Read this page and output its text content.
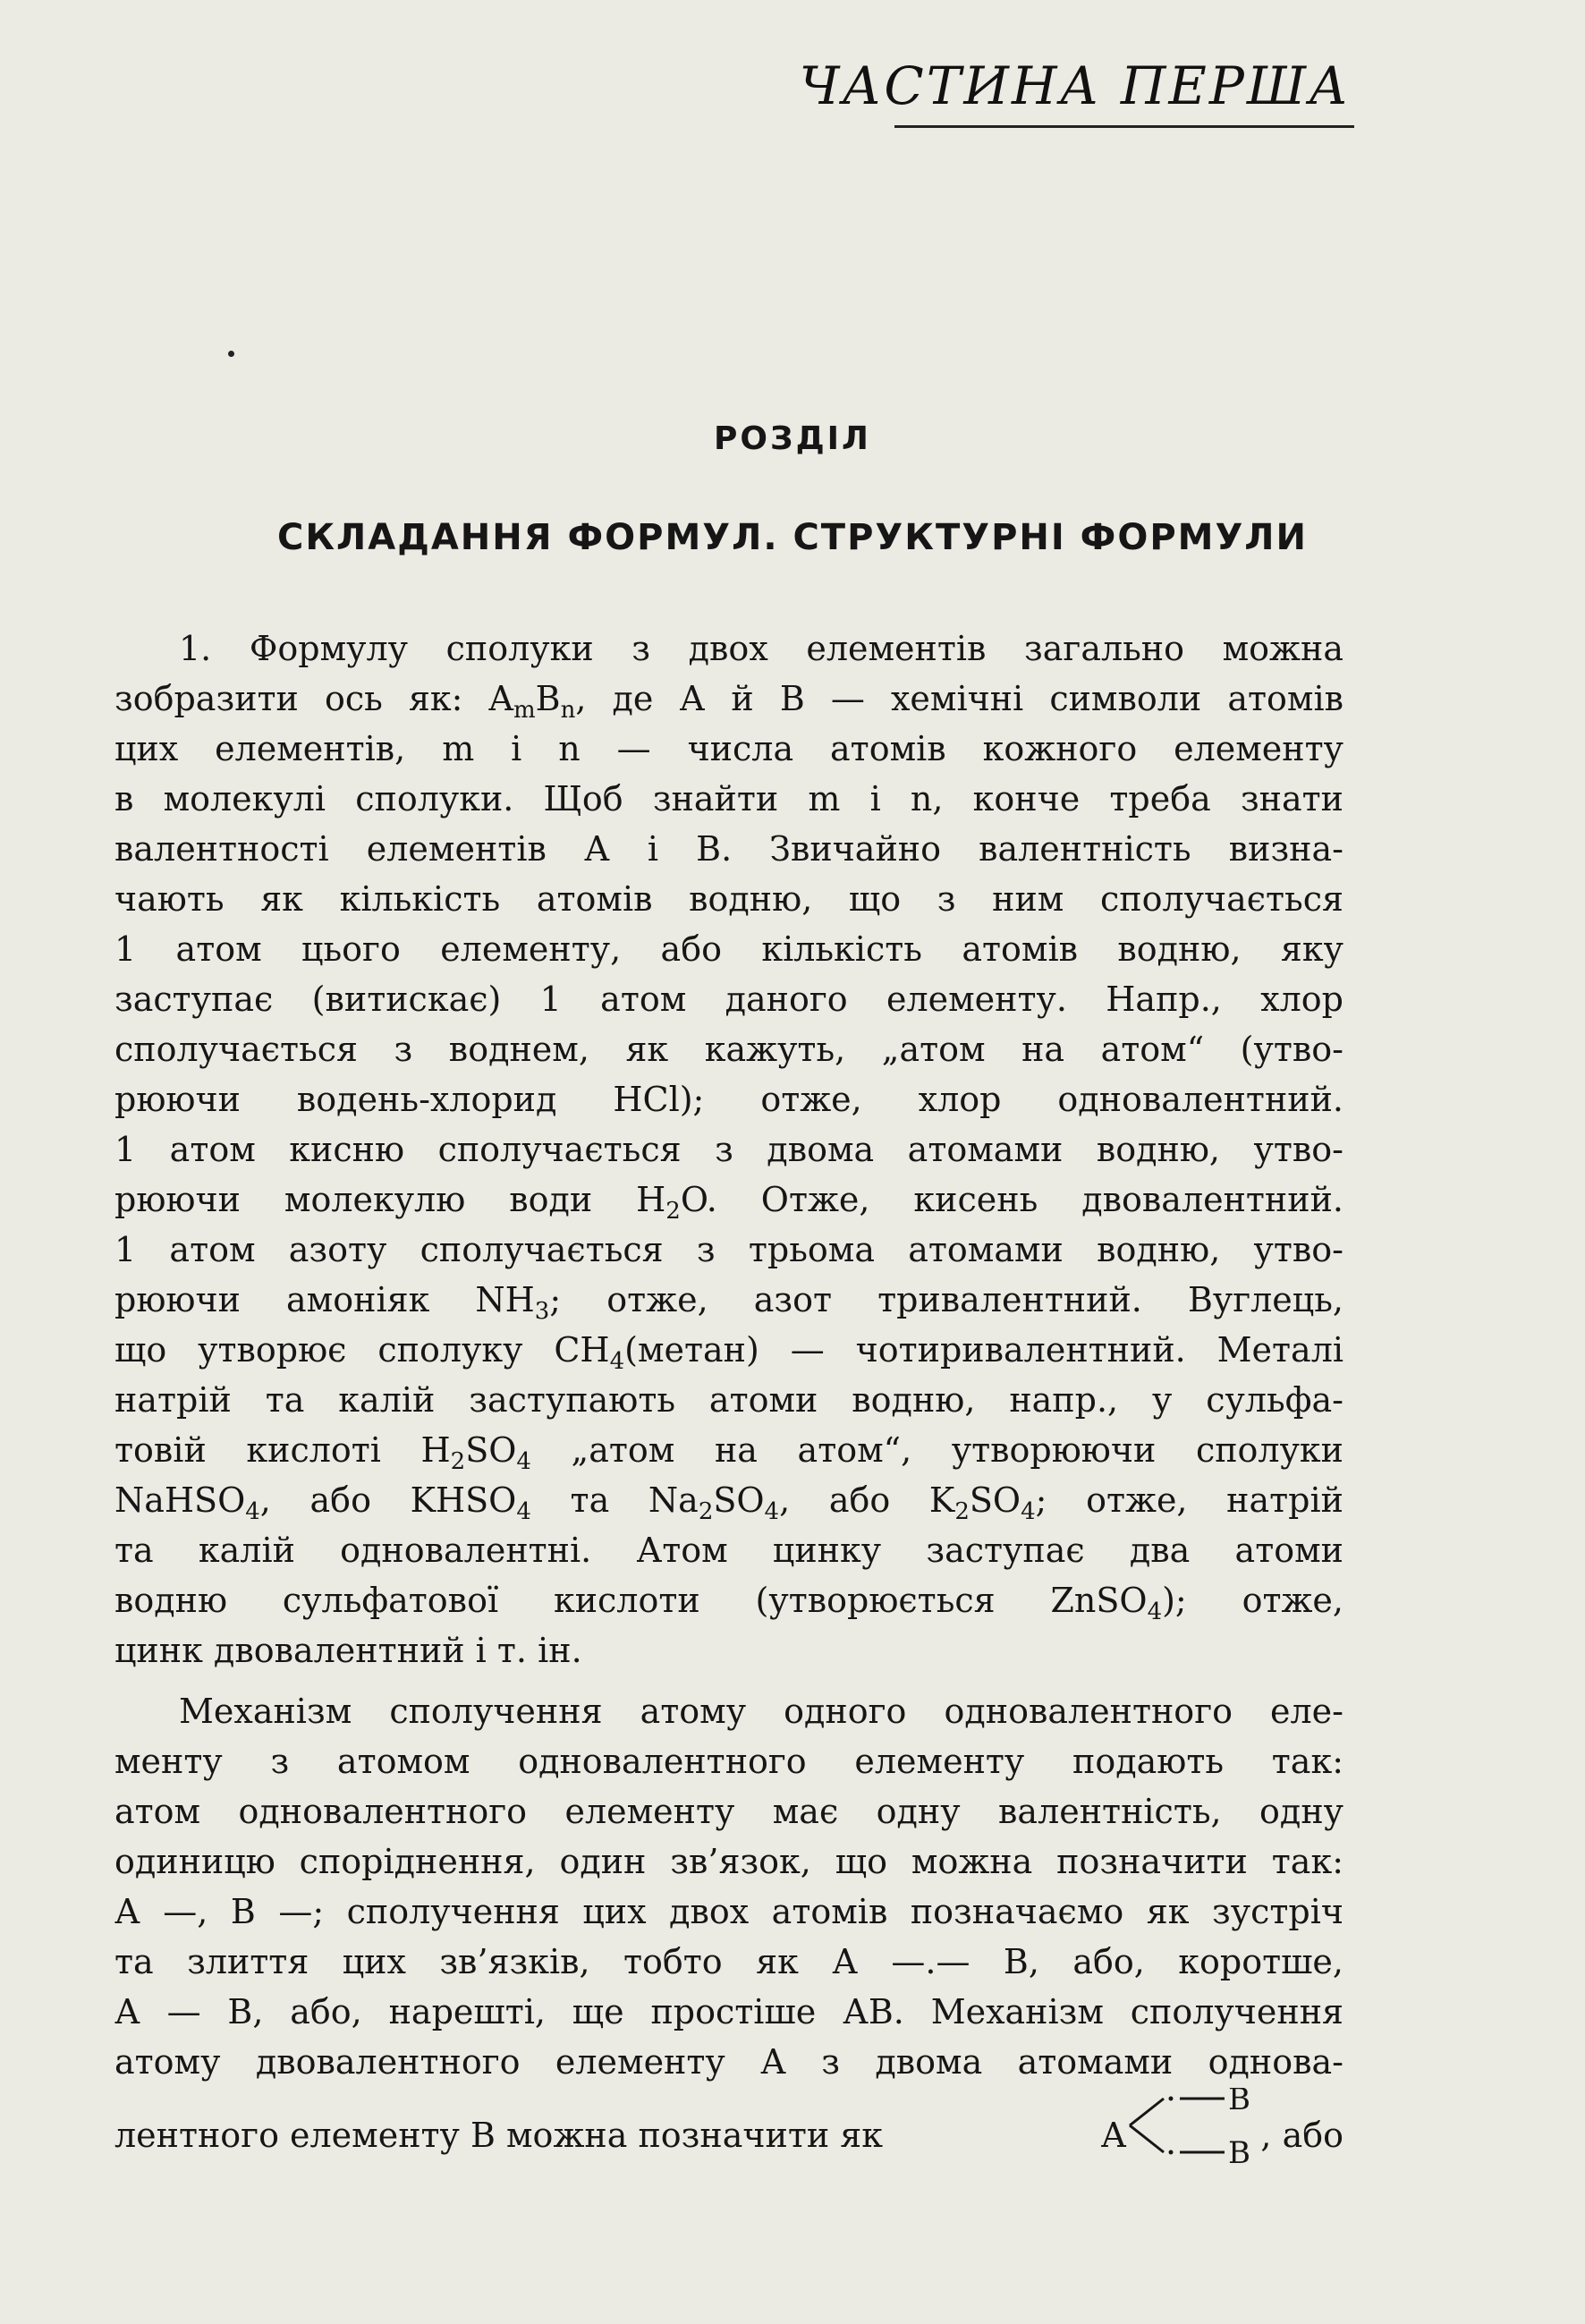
ЧАСТИНА ПЕРША
РОЗДІЛ
СКЛАДАННЯ ФОРМУЛ. СТРУКТУРНІ ФОРМУЛИ
1. Формулу сполуки з двох елементів загально можна
зобразити ось як: $A_mB_n$, де А й В — хемічні символи атомів
цих елементів, m і n — числа атомів кожного елементу
в молекулі сполуки. Щоб знайти m і n, конче треба знати
валентності елементів А і В. Звичайно валентність визна-
чають як кількість атомів водню, що з ним сполучається
1 атом цього елементу, або кількість атомів водню, яку
заступає (витискає) 1 атом даного елементу. Напр., хлор
сполучається з воднем, як кажуть, „атом на атом“ (утво-
рюючи водень-хлорид HCl); отже, хлор одновалентний.
1 атом кисню сполучається з двома атомами водню, утво-
рюючи молекулю води $H_2O$. Отже, кисень двовалентний.
1 атом азоту сполучається з трьома атомами водню, утво-
рюючи амоніяк $NH_3$; отже, азот тривалентний. Вуглець,
що утворює сполуку $CH_4(метан)$ — чотиривалентний. Металі
натрій та калій заступають атоми водню, напр., у сульфа-
товій кислоті $H_2SO_4$ „атом на атом“, утворюючи сполуки
NaHSO$_4$, або $KHSO_4$ та $Na_2SO_4$, або $K_2SO_4$; отже, натрій
та калій одновалентні. Атом цинку заступає два атоми
водню сульфатової кислоти (утворюється ZnSO$_4$); отже,
цинк двовалентний і т. ін.
Механізм сполучення атому одного одновалентного еле-
менту з атомом одновалентного елементу подають так:
атом одновалентного елементу має одну валентність, одну
одиницю споріднення, один зв’язок, що можна позначити так:
А —, В —; сполучення цих двох атомів позначаємо як зустріч
та злиття цих зв’язків, тобто як А —.— В, або, коротше,
А — В, або, нарешті, ще простіше АВ. Механізм сполучення
атому двовалентного елементу А з двома атомами однова-
лентного елементу В можна позначити як	А
B
B , або
